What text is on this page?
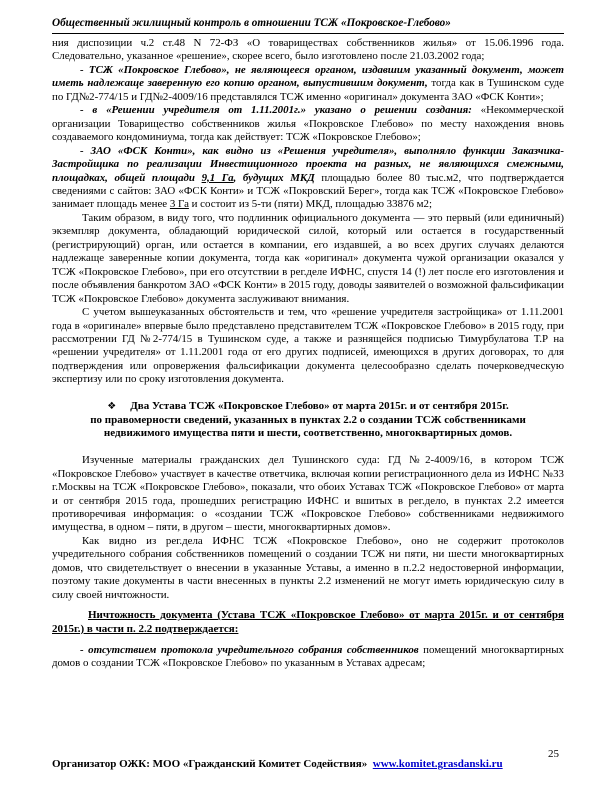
Общественный жилищный контроль в отношении ТСЖ «Покровское-Глебово»

ния диспозиции ч.2 ст.48 N 72-ФЗ «О товариществах собственников жилья» от 15.06.1996 года. Следовательно, указанное «решение», скорее всего, было изготовлено после 21.03.2002 года;

- ТСЖ «Покровское Глебово», не являющееся органом, издавшим указанный документ, может иметь надлежаще заверенную его копию органом, выпустившим документ, тогда как в Тушинском суде по ГД№2-774/15 и ГД№2-4009/16 представлялся ТСЖ именно «оригинал» документа ЗАО «ФСК Конти»;

- в «Решении учредителя от 1.11.2001г.» указано о решении создания: «Некоммерческой организации Товарищество собственников жилья «Покровское Глебово» по месту нахождения вновь создаваемого кондоминиума, тогда как действует: ТСЖ «Покровское Глебово»;

- ЗАО «ФСК Конти», как видно из «Решения учредителя», выполняло функции Заказчика-Застройщика по реализации Инвестиционного проекта на разных, не являющихся смежными, площадках, общей площади 9,1 Га, будущих МКД площадью более 80 тыс.м2, что подтверждается сведениями с сайтов: ЗАО «ФСК Конти» и ТСЖ «Покровский Берег», тогда как ТСЖ «Покровское Глебово» занимает площадь менее 3 Га и состоит из 5-ти (пяти) МКД, площадью 33876 м2;

Таким образом, в виду того, что подлинник официального документа — это первый (или единичный) экземпляр документа, обладающий юридической силой, который или остается в государственный (регистрирующий) орган, или остается в компании, его издавшей, а во всех других случаях делаются надлежаще заверенные копии документа, тогда как «оригинал» документа чужой организации оказался у ТСЖ «Покровское Глебово», при его отсутствии в рег.деле ИФНС, спустя 14 (!) лет после его изготовления и после объявления банкротом ЗАО «ФСК Конти» в 2015 году, доводы заявителей о возможной фальсификации ТСЖ «Покровское Глебово» документа заслуживают внимания.

С учетом вышеуказанных обстоятельств и тем, что «решение учредителя застройщика» от 1.11.2001 года в «оригинале» впервые было представлено представителем ТСЖ «Покровское Глебово» в 2015 году, при рассмотрении ГД №2-774/15 в Тушинском суде, а также и разнящейся подписью Тимурбулатова Т.Р на «решении учредителя» от 1.11.2001 года от его других подписей, имеющихся в других договорах, то для подтверждения или опровержения фальсификации документа целесообразно сделать почерковедческую экспертизу или по сроку изготовления документа.

❖ Два Устава ТСЖ «Покровское Глебово» от марта 2015г. и от сентября 2015г.

по правомерности сведений, указанных в пунктах 2.2 о создании ТСЖ собственниками

недвижимого имущества пяти и шести, соответственно, многоквартирных домов.

Изученные материалы гражданских дел Тушинского суда: ГД №2-4009/16, в котором ТСЖ «Покровское Глебово» участвует в качестве ответчика, включая копии регистрационного дела из ИФНС №33 г.Москвы на ТСЖ «Покровское Глебово», показали, что обоих Уставах ТСЖ «Покровское Глебово» от марта и от сентября 2015 года, прошедших регистрацию ИФНС и вшитых в рег.дело, в пунктах 2.2 имеется противоречивая информация: о «создании ТСЖ «Покровское Глебово» собственниками недвижимого имущества, в одном – пяти, в другом – шести, многоквартирных домов».

Как видно из рег.дела ИФНС ТСЖ «Покровское Глебово», оно не содержит протоколов учредительного собрания собственников помещений о создании ТСЖ ни пяти, ни шести многоквартирных домов, что свидетельствует о внесении в указанные Уставы, а именно в п.2.2 недостоверной информации, поэтому такие документы в части внесенных в пункты 2.2 изменений не могут иметь юридическую силу в силу своей ничтожности.

Ничтожность документа (Устава ТСЖ «Покровское Глебово» от марта 2015г. и от сентября 2015г.) в части п. 2.2 подтверждается:

- отсутствием протокола учредительного собрания собственников помещений многоквартирных домов о создании ТСЖ «Покровское Глебово» по указанным в Уставах адресам;

25
Организатор ОЖК: МОО «Гражданский Комитет Содействия» www.komitet.grasdanski.ru
